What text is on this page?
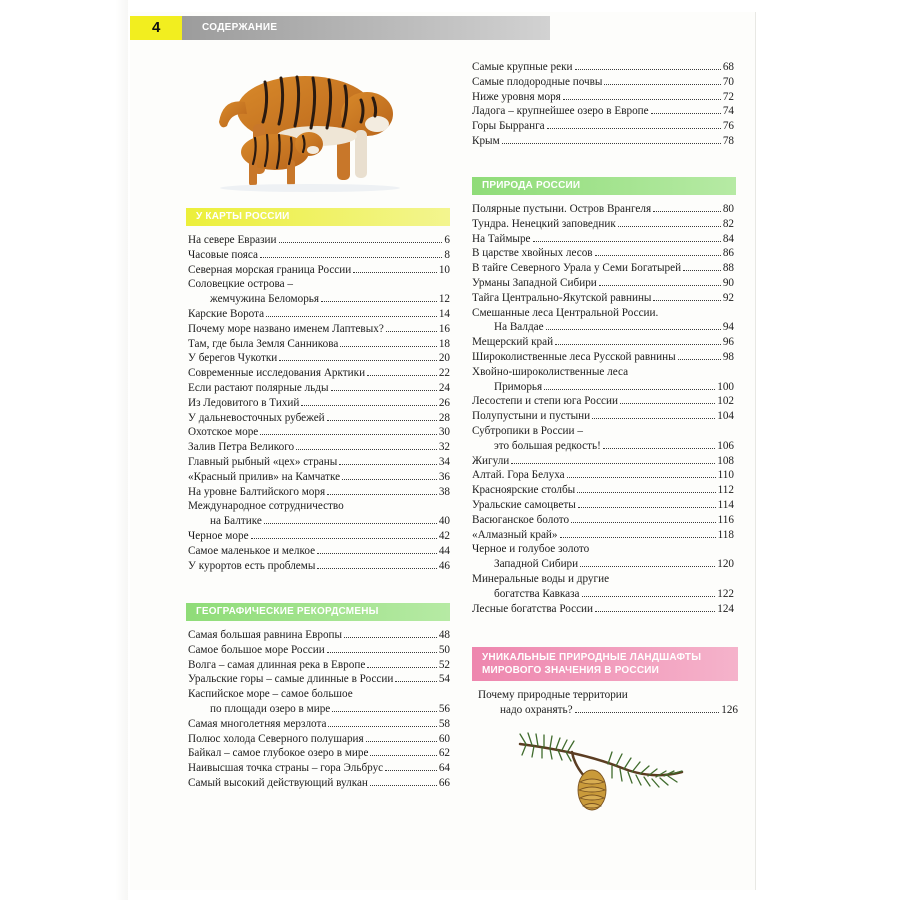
4	СОДЕРЖАНИЕ
У КАРТЫ РОССИИ
На севере Евразии	6
Часовые пояса	8
Северная морская граница России	10
Соловецкие острова –
жемчужина Беломорья	12
Карские Ворота	14
Почему море названо именем Лаптевых?	16
Там, где была Земля Санникова	18
У берегов Чукотки	20
Современные исследования Арктики	22
Если растают полярные льды	24
Из Ледовитого в Тихий	26
У дальневосточных рубежей	28
Охотское море	30
Залив Петра Великого	32
Главный рыбный «цех» страны	34
«Красный прилив» на Камчатке	36
На уровне Балтийского моря	38
Международное сотрудничество
на Балтике	40
Черное море	42
Самое маленькое и мелкое	44
У курортов есть проблемы	46
ГЕОГРАФИЧЕСКИЕ РЕКОРДСМЕНЫ
Самая большая равнина Европы	48
Самое большое море России	50
Волга – самая длинная река в Европе	52
Уральские горы – самые длинные в России	54
Каспийское море – самое большое
по площади озеро в мире	56
Самая многолетняя мерзлота	58
Полюс холода Северного полушария	60
Байкал – самое глубокое озеро в мире	62
Наивысшая точка страны – гора Эльбрус	64
Самый высокий действующий вулкан	66
Самые крупные реки	68
Самые плодородные почвы	70
Ниже уровня моря	72
Ладога – крупнейшее озеро в Европе	74
Горы Бырранга	76
Крым	78
ПРИРОДА РОССИИ
Полярные пустыни. Остров Врангеля	80
Тундра. Ненецкий заповедник	82
На Таймыре	84
В царстве хвойных лесов	86
В тайге Северного Урала у Семи Богатырей	88
Урманы Западной Сибири	90
Тайга Центрально-Якутской равнины	92
Смешанные леса Центральной России.
На Валдае	94
Мещерский край	96
Широколиственные леса Русской равнины	98
Хвойно-широколиственные леса
Приморья	100
Лесостепи и степи юга России	102
Полупустыни и пустыни	104
Субтропики в России –
это большая редкость!	106
Жигули	108
Алтай. Гора Белуха	110
Красноярские столбы	112
Уральские самоцветы	114
Васюганское болото	116
«Алмазный край»	118
Черное и голубое золото
Западной Сибири	120
Минеральные воды и другие
богатства Кавказа	122
Лесные богатства России	124
УНИКАЛЬНЫЕ ПРИРОДНЫЕ ЛАНДШАФТЫ
МИРОВОГО ЗНАЧЕНИЯ В РОССИИ
Почему природные территории
надо охранять?	126
